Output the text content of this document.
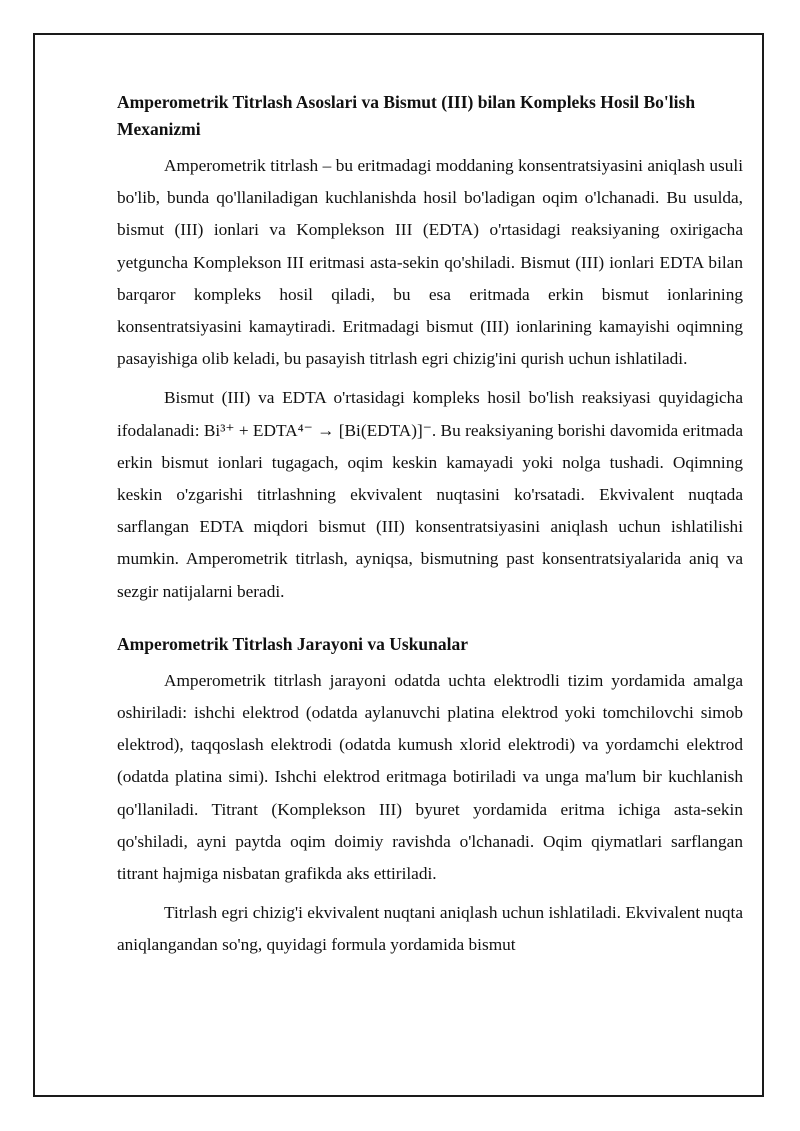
Amperometrik Titrlash Asoslari va Bismut (III) bilan Kompleks Hosil Bo'lish Mexanizmi

Amperometrik titrlash – bu eritmadagi moddaning konsentratsiyasini aniqlash usuli bo'lib, bunda qo'llaniladigan kuchlanishda hosil bo'ladigan oqim o'lchanadi. Bu usulda, bismut (III) ionlari va Komplekson III (EDTA) o'rtasidagi reaksiyaning oxirigacha yetguncha Komplekson III eritmasi asta-sekin qo'shiladi. Bismut (III) ionlari EDTA bilan barqaror kompleks hosil qiladi, bu esa eritmada erkin bismut ionlarining konsentratsiyasini kamaytiradi. Eritmadagi bismut (III) ionlarining kamayishi oqimning pasayishiga olib keladi, bu pasayish titrlash egri chizig'ini qurish uchun ishlatiladi.

Bismut (III) va EDTA o'rtasidagi kompleks hosil bo'lish reaksiyasi quyidagicha ifodalanadi: Bi³⁺ + EDTA⁴⁻ → [Bi(EDTA)]⁻. Bu reaksiyaning borishi davomida eritmada erkin bismut ionlari tugagach, oqim keskin kamayadi yoki nolga tushadi. Oqimning keskin o'zgarishi titrlashning ekvivalent nuqtasini ko'rsatadi. Ekvivalent nuqtada sarflangan EDTA miqdori bismut (III) konsentratsiyasini aniqlash uchun ishlatilishi mumkin. Amperometrik titrlash, ayniqsa, bismutning past konsentratsiyalarida aniq va sezgir natijalarni beradi.

Amperometrik Titrlash Jarayoni va Uskunalar

Amperometrik titrlash jarayoni odatda uchta elektrodli tizim yordamida amalga oshiriladi: ishchi elektrod (odatda aylanuvchi platina elektrod yoki tomchilovchi simob elektrod), taqqoslash elektrodi (odatda kumush xlorid elektrodi) va yordamchi elektrod (odatda platina simi). Ishchi elektrod eritmaga botiriladi va unga ma'lum bir kuchlanish qo'llaniladi. Titrant (Komplekson III) byuret yordamida eritma ichiga asta-sekin qo'shiladi, ayni paytda oqim doimiy ravishda o'lchanadi. Oqim qiymatlari sarflangan titrant hajmiga nisbatan grafikda aks ettiriladi.

Titrlash egri chizig'i ekvivalent nuqtani aniqlash uchun ishlatiladi. Ekvivalent nuqta aniqlangandan so'ng, quyidagi formula yordamida bismut
